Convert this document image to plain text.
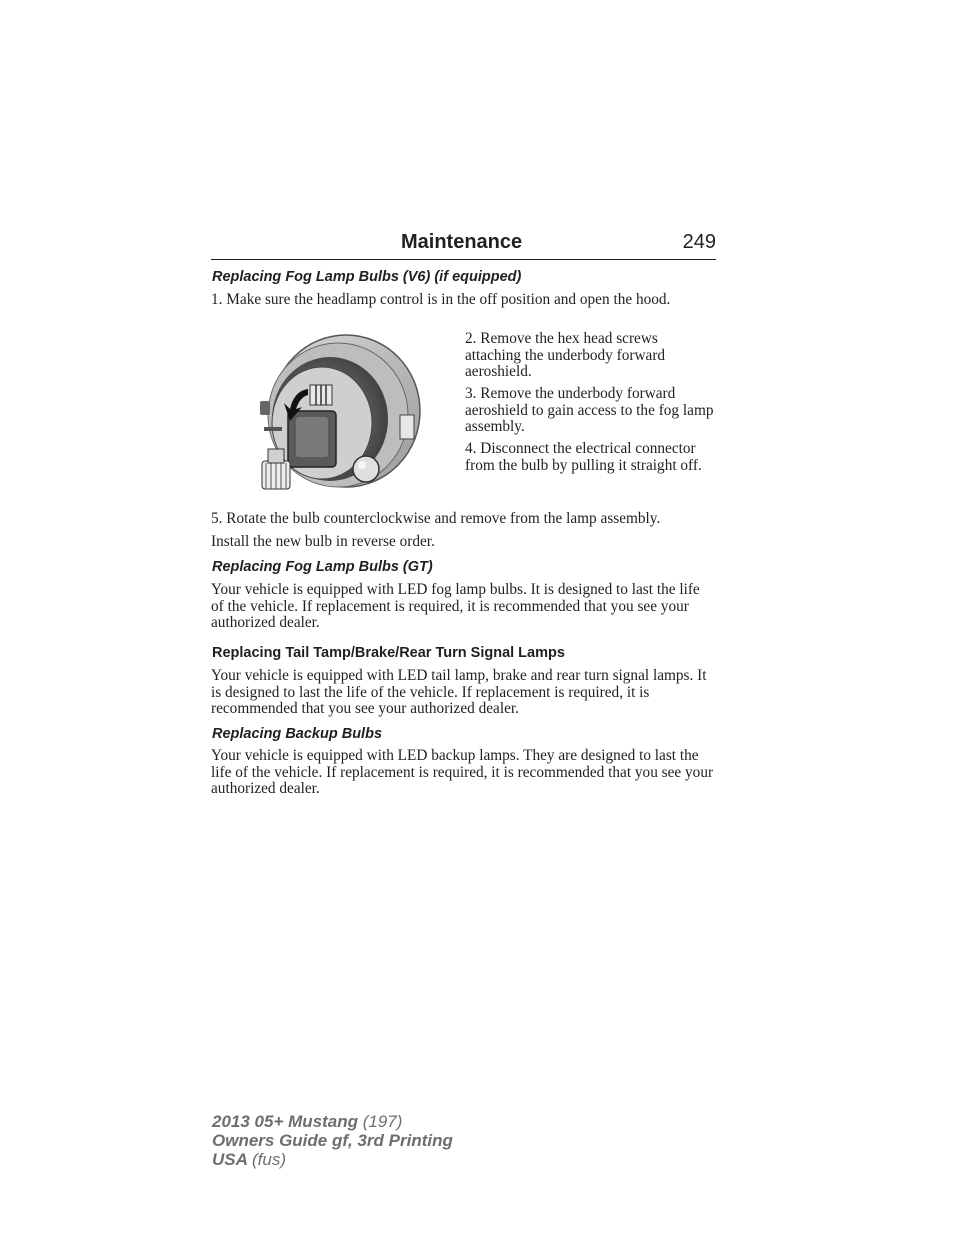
Maintenance	249
Replacing Fog Lamp Bulbs (V6) (if equipped)
1. Make sure the headlamp control is in the off position and open the hood.
2. Remove the hex head screws attaching the underbody forward aeroshield.
3. Remove the underbody forward aeroshield to gain access to the fog lamp assembly.
4. Disconnect the electrical connector from the bulb by pulling it straight off.
5. Rotate the bulb counterclockwise and remove from the lamp assembly.
Install the new bulb in reverse order.
Replacing Fog Lamp Bulbs (GT)
Your vehicle is equipped with LED fog lamp bulbs. It is designed to last the life of the vehicle. If replacement is required, it is recommended that you see your authorized dealer.
Replacing Tail Tamp/Brake/Rear Turn Signal Lamps
Your vehicle is equipped with LED tail lamp, brake and rear turn signal lamps. It is designed to last the life of the vehicle. If replacement is required, it is recommended that you see your authorized dealer.
Replacing Backup Bulbs
Your vehicle is equipped with LED backup lamps. They are designed to last the life of the vehicle. If replacement is required, it is recommended that you see your authorized dealer.
2013 05+ Mustang (197)
Owners Guide gf, 3rd Printing
USA (fus)
